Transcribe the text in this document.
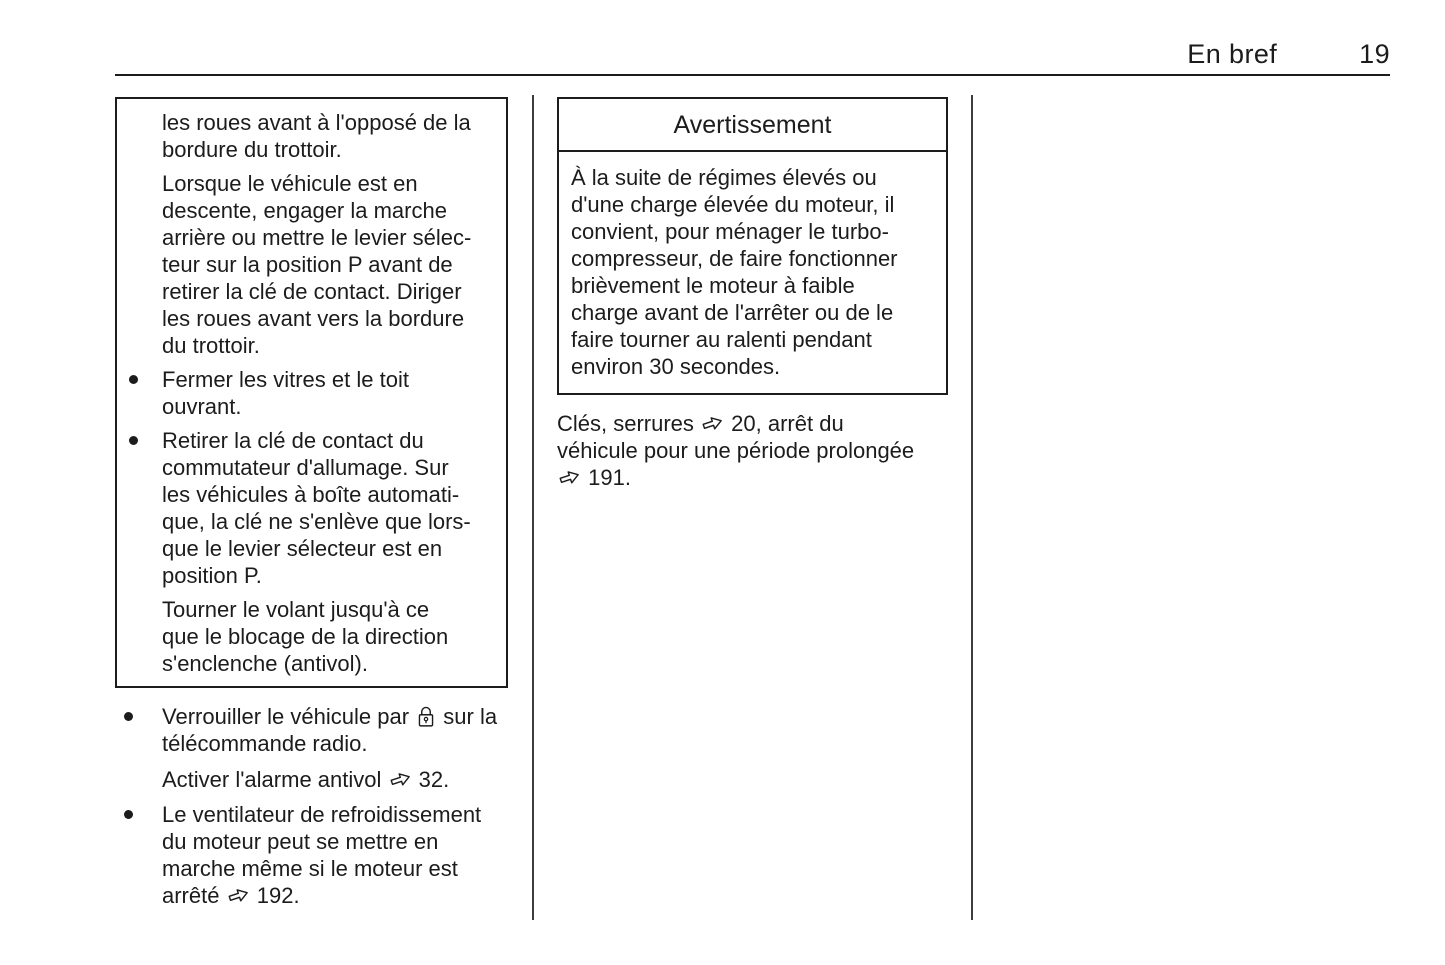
En bref	19
les roues avant à l'opposé de la
bordure du trottoir.
Lorsque le véhicule est en
descente, engager la marche
arrière ou mettre le levier sélec-
teur sur la position P avant de
retirer la clé de contact. Diriger
les roues avant vers la bordure
du trottoir.
Fermer les vitres et le toit
ouvrant.
Retirer la clé de contact du
commutateur d'allumage. Sur
les véhicules à boîte automati-
que, la clé ne s'enlève que lors-
que le levier sélecteur est en
position P.
Tourner le volant jusqu'à ce
que le blocage de la direction
s'enclenche (antivol).
Verrouiller le véhicule par sur la
télécommande radio.
Activer l'alarme antivol 32.
Le ventilateur de refroidissement
du moteur peut se mettre en
marche même si le moteur est
arrêté 192.
Avertissement
À la suite de régimes élevés ou
d'une charge élevée du moteur, il
convient, pour ménager le turbo-
compresseur, de faire fonctionner
brièvement le moteur à faible
charge avant de l'arrêter ou de le
faire tourner au ralenti pendant
environ 30 secondes.
Clés, serrures 20, arrêt du
véhicule pour une période prolongée
191.
